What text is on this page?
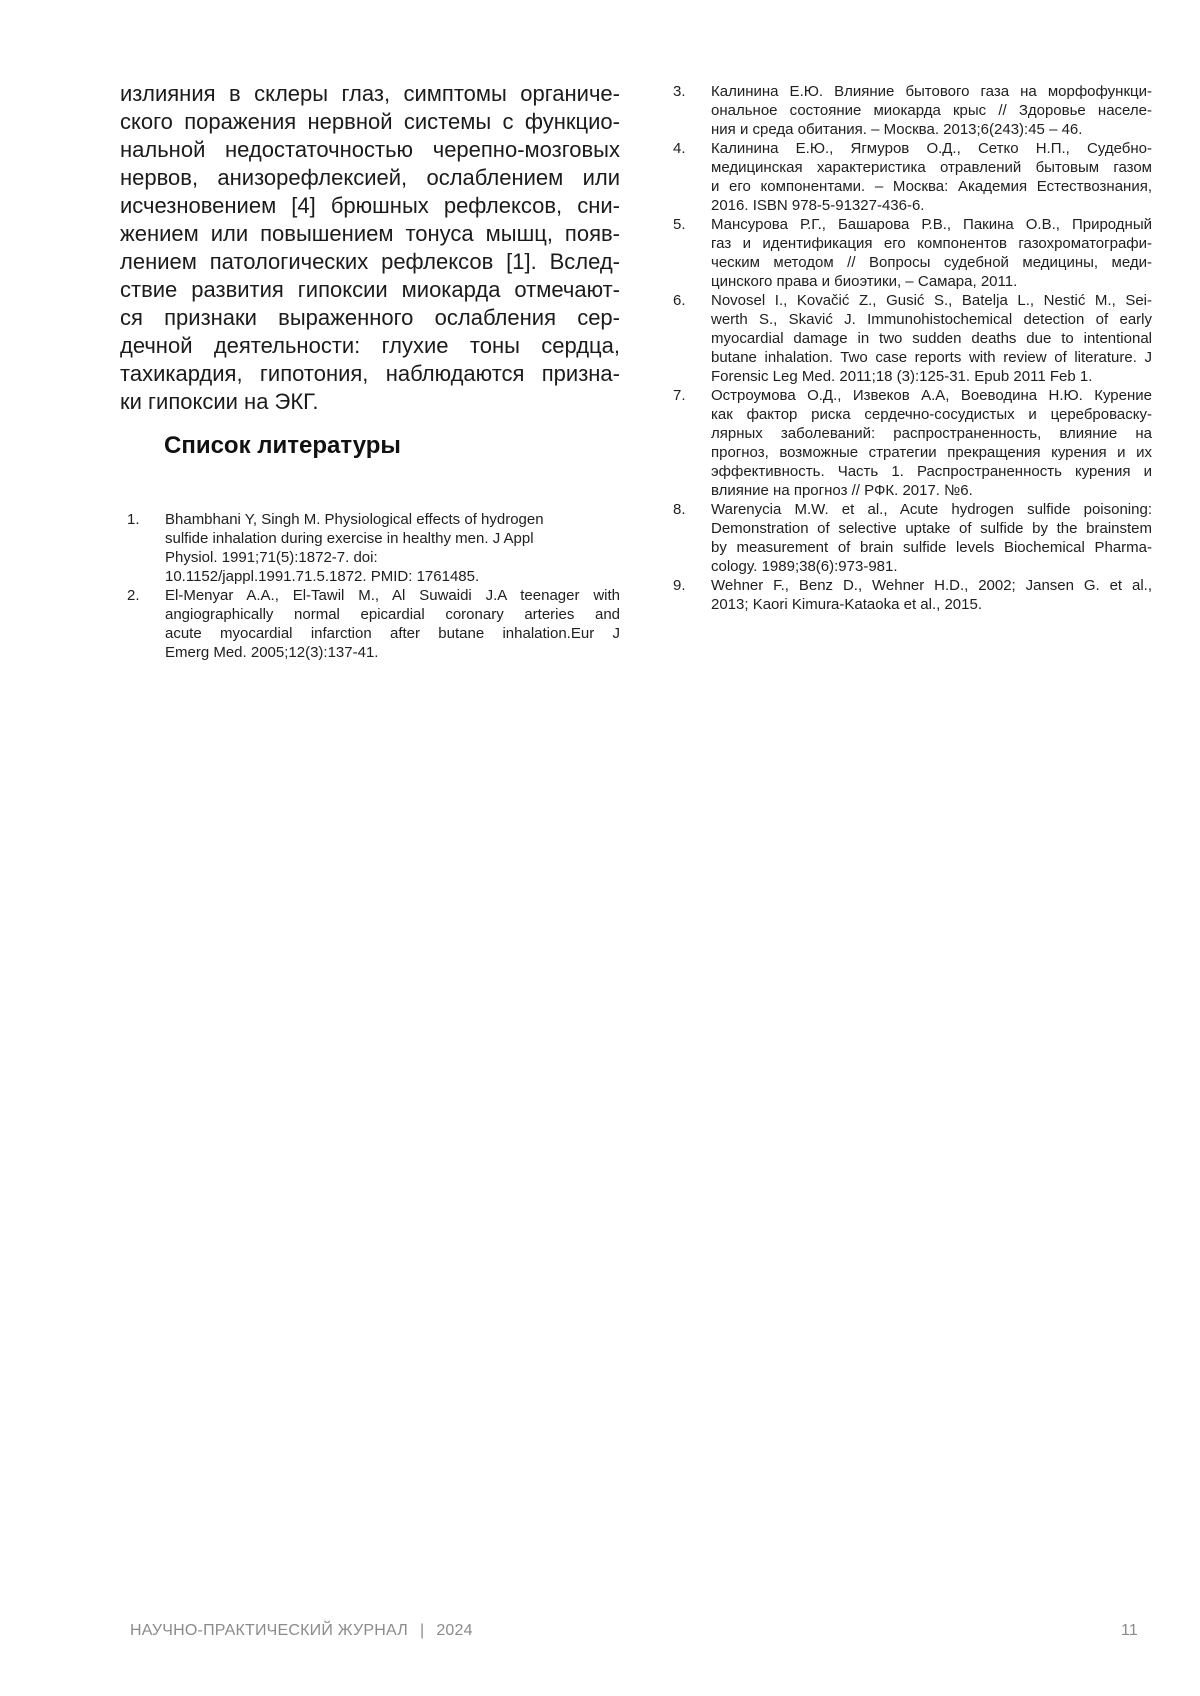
излияния в склеры глаз, симптомы органиче-
ского поражения нервной системы с функцио-
нальной недостаточностью черепно-мозговых
нервов, анизорефлексией, ослаблением или
исчезновением [4] брюшных рефлексов, сни-
жением или повышением тонуса мышц, появ-
лением патологических рефлексов [1]. Вслед-
ствие развития гипоксии миокарда отмечают-
ся признаки выраженного ослабления сер-
дечной деятельности: глухие тоны сердца,
тахикардия, гипотония, наблюдаются призна-
ки гипоксии на ЭКГ.
Список литературы
1.	Bhambhani Y, Singh M. Physiological effects of hydrogen
sulfide inhalation during exercise in healthy men. J Appl
Physiol. 1991;71(5):1872-7. doi:
10.1152/jappl.1991.71.5.1872. PMID: 1761485.
2.	El-Menyar A.A., El-Tawil M., Al Suwaidi J.A teenager with
angiographically normal epicardial coronary arteries and
acute myocardial infarction after butane inhalation.Eur J
Emerg Med. 2005;12(3):137-41.
3.	Калинина Е.Ю. Влияние бытового газа на морфофункци-
ональное состояние миокарда крыс // Здоровье населе-
ния и среда обитания. – Москва. 2013;6(243):45 – 46.
4.	Калинина Е.Ю., Ягмуров О.Д., Сетко Н.П., Судебно-
медицинская характеристика отравлений бытовым газом
и его компонентами. – Москва: Академия Естествознания,
2016. ISBN 978-5-91327-436-6.
5.	Мансурова Р.Г., Башарова Р.В., Пакина О.В., Природный
газ и идентификация его компонентов газохроматографи-
ческим методом // Вопросы судебной медицины, меди-
цинского права и биоэтики, – Самара, 2011.
6.	Novosel I., Kovačić Z., Gusić S., Batelja L., Nestić M., Sei-
werth S., Skavić J. Immunohistochemical detection of early
myocardial damage in two sudden deaths due to intentional
butane inhalation. Two case reports with review of literature. J
Forensic Leg Med. 2011;18 (3):125-31. Epub 2011 Feb 1.
7.	Остроумова О.Д., Извеков А.А, Воеводина Н.Ю. Курение
как фактор риска сердечно-сосудистых и цереброваску-
лярных заболеваний: распространенность, влияние на
прогноз, возможные стратегии прекращения курения и их
эффективность. Часть 1. Распространенность курения и
влияние на прогноз // РФК. 2017. №6.
8.	Warenycia M.W. et al., Acute hydrogen sulfide poisoning:
Demonstration of selective uptake of sulfide by the brainstem
by measurement of brain sulfide levels Biochemical Pharma-
cology. 1989;38(6):973-981.
9.	Wehner F., Benz D., Wehner H.D., 2002; Jansen G. et al.,
2013; Kaori Kimura-Kataoka et al., 2015.
НАУЧНО-ПРАКТИЧЕСКИЙ ЖУРНАЛ | 2024	11
